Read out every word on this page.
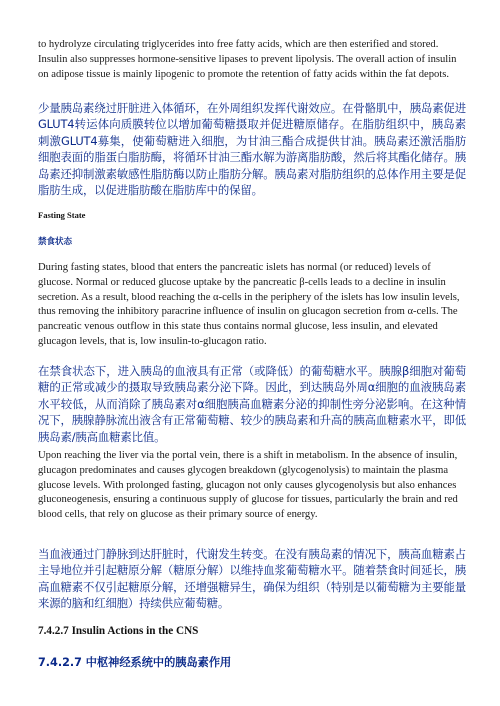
to hydrolyze circulating triglycerides into free fatty acids, which are then esterified and stored. Insulin also suppresses hormone-sensitive lipases to prevent lipolysis. The overall action of insulin on adipose tissue is mainly lipogenic to promote the retention of fatty acids within the fat depots.
少量胰岛素绕过肝脏进入体循环，在外周组织发挥代谢效应。在骨骼肌中，胰岛素促进GLUT4转运体向质膜转位以增加葡萄糖摄取并促进糖原储存。在脂肪组织中，胰岛素刺激GLUT4募集，使葡萄糖进入细胞，为甘油三酯合成提供甘油。胰岛素还激活脂肪细胞表面的脂蛋白脂肪酶，将循环甘油三酯水解为游离脂肪酸，然后将其酯化储存。胰岛素还抑制激素敏感性脂肪酶以防止脂肪分解。胰岛素对脂肪组织的总体作用主要是促脂肪生成，以促进脂肪酸在脂肪库中的保留。
Fasting State
禁食状态
During fasting states, blood that enters the pancreatic islets has normal (or reduced) levels of glucose. Normal or reduced glucose uptake by the pancreatic β-cells leads to a decline in insulin secretion. As a result, blood reaching the α-cells in the periphery of the islets has low insulin levels, thus removing the inhibitory paracrine influence of insulin on glucagon secretion from α-cells. The pancreatic venous outflow in this state thus contains normal glucose, less insulin, and elevated glucagon levels, that is, low insulin-to-glucagon ratio.
在禁食状态下，进入胰岛的血液具有正常（或降低）的葡萄糖水平。胰腺β细胞对葡萄糖的正常或减少的摄取导致胰岛素分泌下降。因此，到达胰岛外周α细胞的血液胰岛素水平较低，从而消除了胰岛素对α细胞胰高血糖素分泌的抑制性旁分泌影响。在这种情况下，胰腺静脉流出液含有正常葡萄糖、较少的胰岛素和升高的胰高血糖素水平，即低胰岛素/胰高血糖素比值。
Upon reaching the liver via the portal vein, there is a shift in metabolism. In the absence of insulin, glucagon predominates and causes glycogen breakdown (glycogenolysis) to maintain the plasma glucose levels. With prolonged fasting, glucagon not only causes glycogenolysis but also enhances gluconeogenesis, ensuring a continuous supply of glucose for tissues, particularly the brain and red blood cells, that rely on glucose as their primary source of energy.
当血液通过门静脉到达肝脏时，代谢发生转变。在没有胰岛素的情况下，胰高血糖素占主导地位并引起糖原分解（糖原分解）以维持血浆葡萄糖水平。随着禁食时间延长，胰高血糖素不仅引起糖原分解，还增强糖异生，确保为组织（特别是以葡萄糖为主要能量来源的脑和红细胞）持续供应葡萄糖。
7.4.2.7 Insulin Actions in the CNS
7.4.2.7 中枢神经系统中的胰岛素作用
